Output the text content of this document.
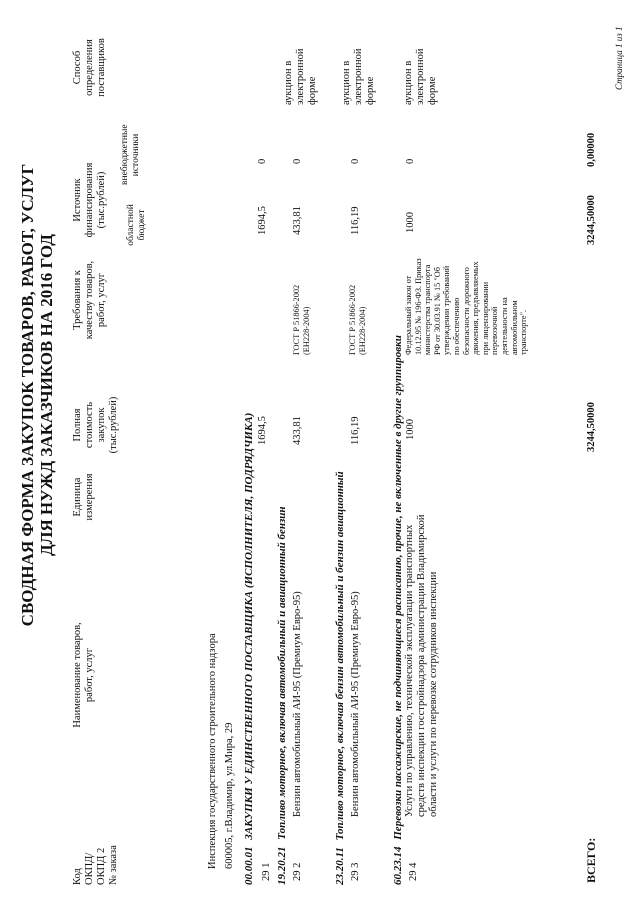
СВОДНАЯ ФОРМА ЗАКУПОК ТОВАРОВ, РАБОТ, УСЛУГ ДЛЯ НУЖД ЗАКАЗЧИКОВ НА 2016 ГОД
Код ОКПД/ ОКПД 2 № заказа
Наименование товаров, работ, услуг
Единица измерения
Полная стоимость закупок (тыс.рублей)
Требования к качеству товаров, работ, услуг
Источник финансирования (тыс.рублей) областной бюджет
внебюджетные источники
Способ определения поставщиков
Инспекция государственного строительного надзора 600005, г.Владимир, ул.Мира, 29 00.00.01 ЗАКУПКИ У ЕДИНСТВЕННОГО ПОСТАВЩИКА (ИСПОЛНИТЕЛЯ, ПОДРЯДЧИКА)
29 1
1694,5
1694,5
0
19.20.21 Топливо моторное, включая автомобильный и авиационный бензин
29 2
Бензин автомобильный АИ-95 (Премиум Евро-95)
433,81
ГОСТ Р 51866-2002 (ЕН228-2004)
433,81
0
аукцион в электронной форме
23.20.11 Топливо моторное, включая бензин автомобильный и бензин авиационный
29 3
Бензин автомобильный АИ-95 (Премиум Евро-95)
116,19
ГОСТ Р 51866-2002 (ЕН228-2004)
116,19
0
аукцион в электронной форме
60.23.14 Перевозки пассажирские, не подчиняющиеся расписанию, прочие, не включенные в другие группировки
29 4
Услуги по управлению, технической эксплуатации транспортных средств инспекции госстройнадзора администрации Владимирской области и услуги по перевозке сотрудников инспекции
1000
Федеральный закон от 10.12.95 № 196-ФЗ. Приказ министерства транспорта РФ от 30.03.91 № 15 "Об утверждении требований по обеспечению безопасности дорожного движения, предъявляемых при лицензировании перевозочной деятельности на автомобильном транспорте".
1000
0
аукцион в электронной форме
ВСЕГО:
3244,50000
3244,50000
0,00000
Страница 1 из 1
